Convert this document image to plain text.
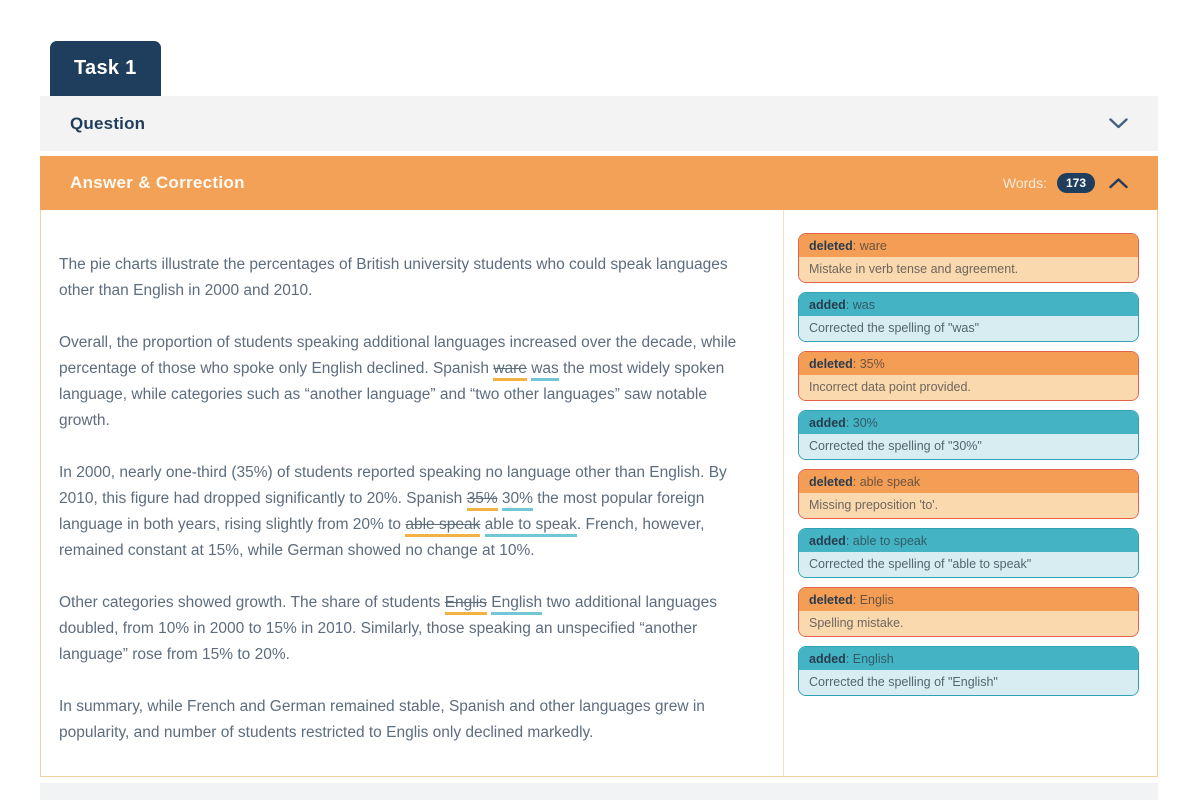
Task 1
Question
Answer & Correction	Words:	173

The pie charts illustrate the percentages of British university students who could speak languages other than English in 2000 and 2010.

Overall, the proportion of students speaking additional languages increased over the decade, while percentage of those who spoke only English declined. Spanish ware was the most widely spoken language, while categories such as “another language” and “two other languages” saw notable growth.

In 2000, nearly one-third (35%) of students reported speaking no language other than English. By 2010, this figure had dropped significantly to 20%. Spanish 35% 30% the most popular foreign language in both years, rising slightly from 20% to able speak able to speak. French, however, remained constant at 15%, while German showed no change at 10%.

Other categories showed growth. The share of students Englis English two additional languages doubled, from 10% in 2000 to 15% in 2010. Similarly, those speaking an unspecified “another language” rose from 15% to 20%.

In summary, while French and German remained stable, Spanish and other languages grew in popularity, and number of students restricted to Englis only declined markedly.

deleted: ware
Mistake in verb tense and agreement.
added: was
Corrected the spelling of "was"
deleted: 35%
Incorrect data point provided.
added: 30%
Corrected the spelling of "30%"
deleted: able speak
Missing preposition 'to'.
added: able to speak
Corrected the spelling of "able to speak"
deleted: Englis
Spelling mistake.
added: English
Corrected the spelling of "English"
